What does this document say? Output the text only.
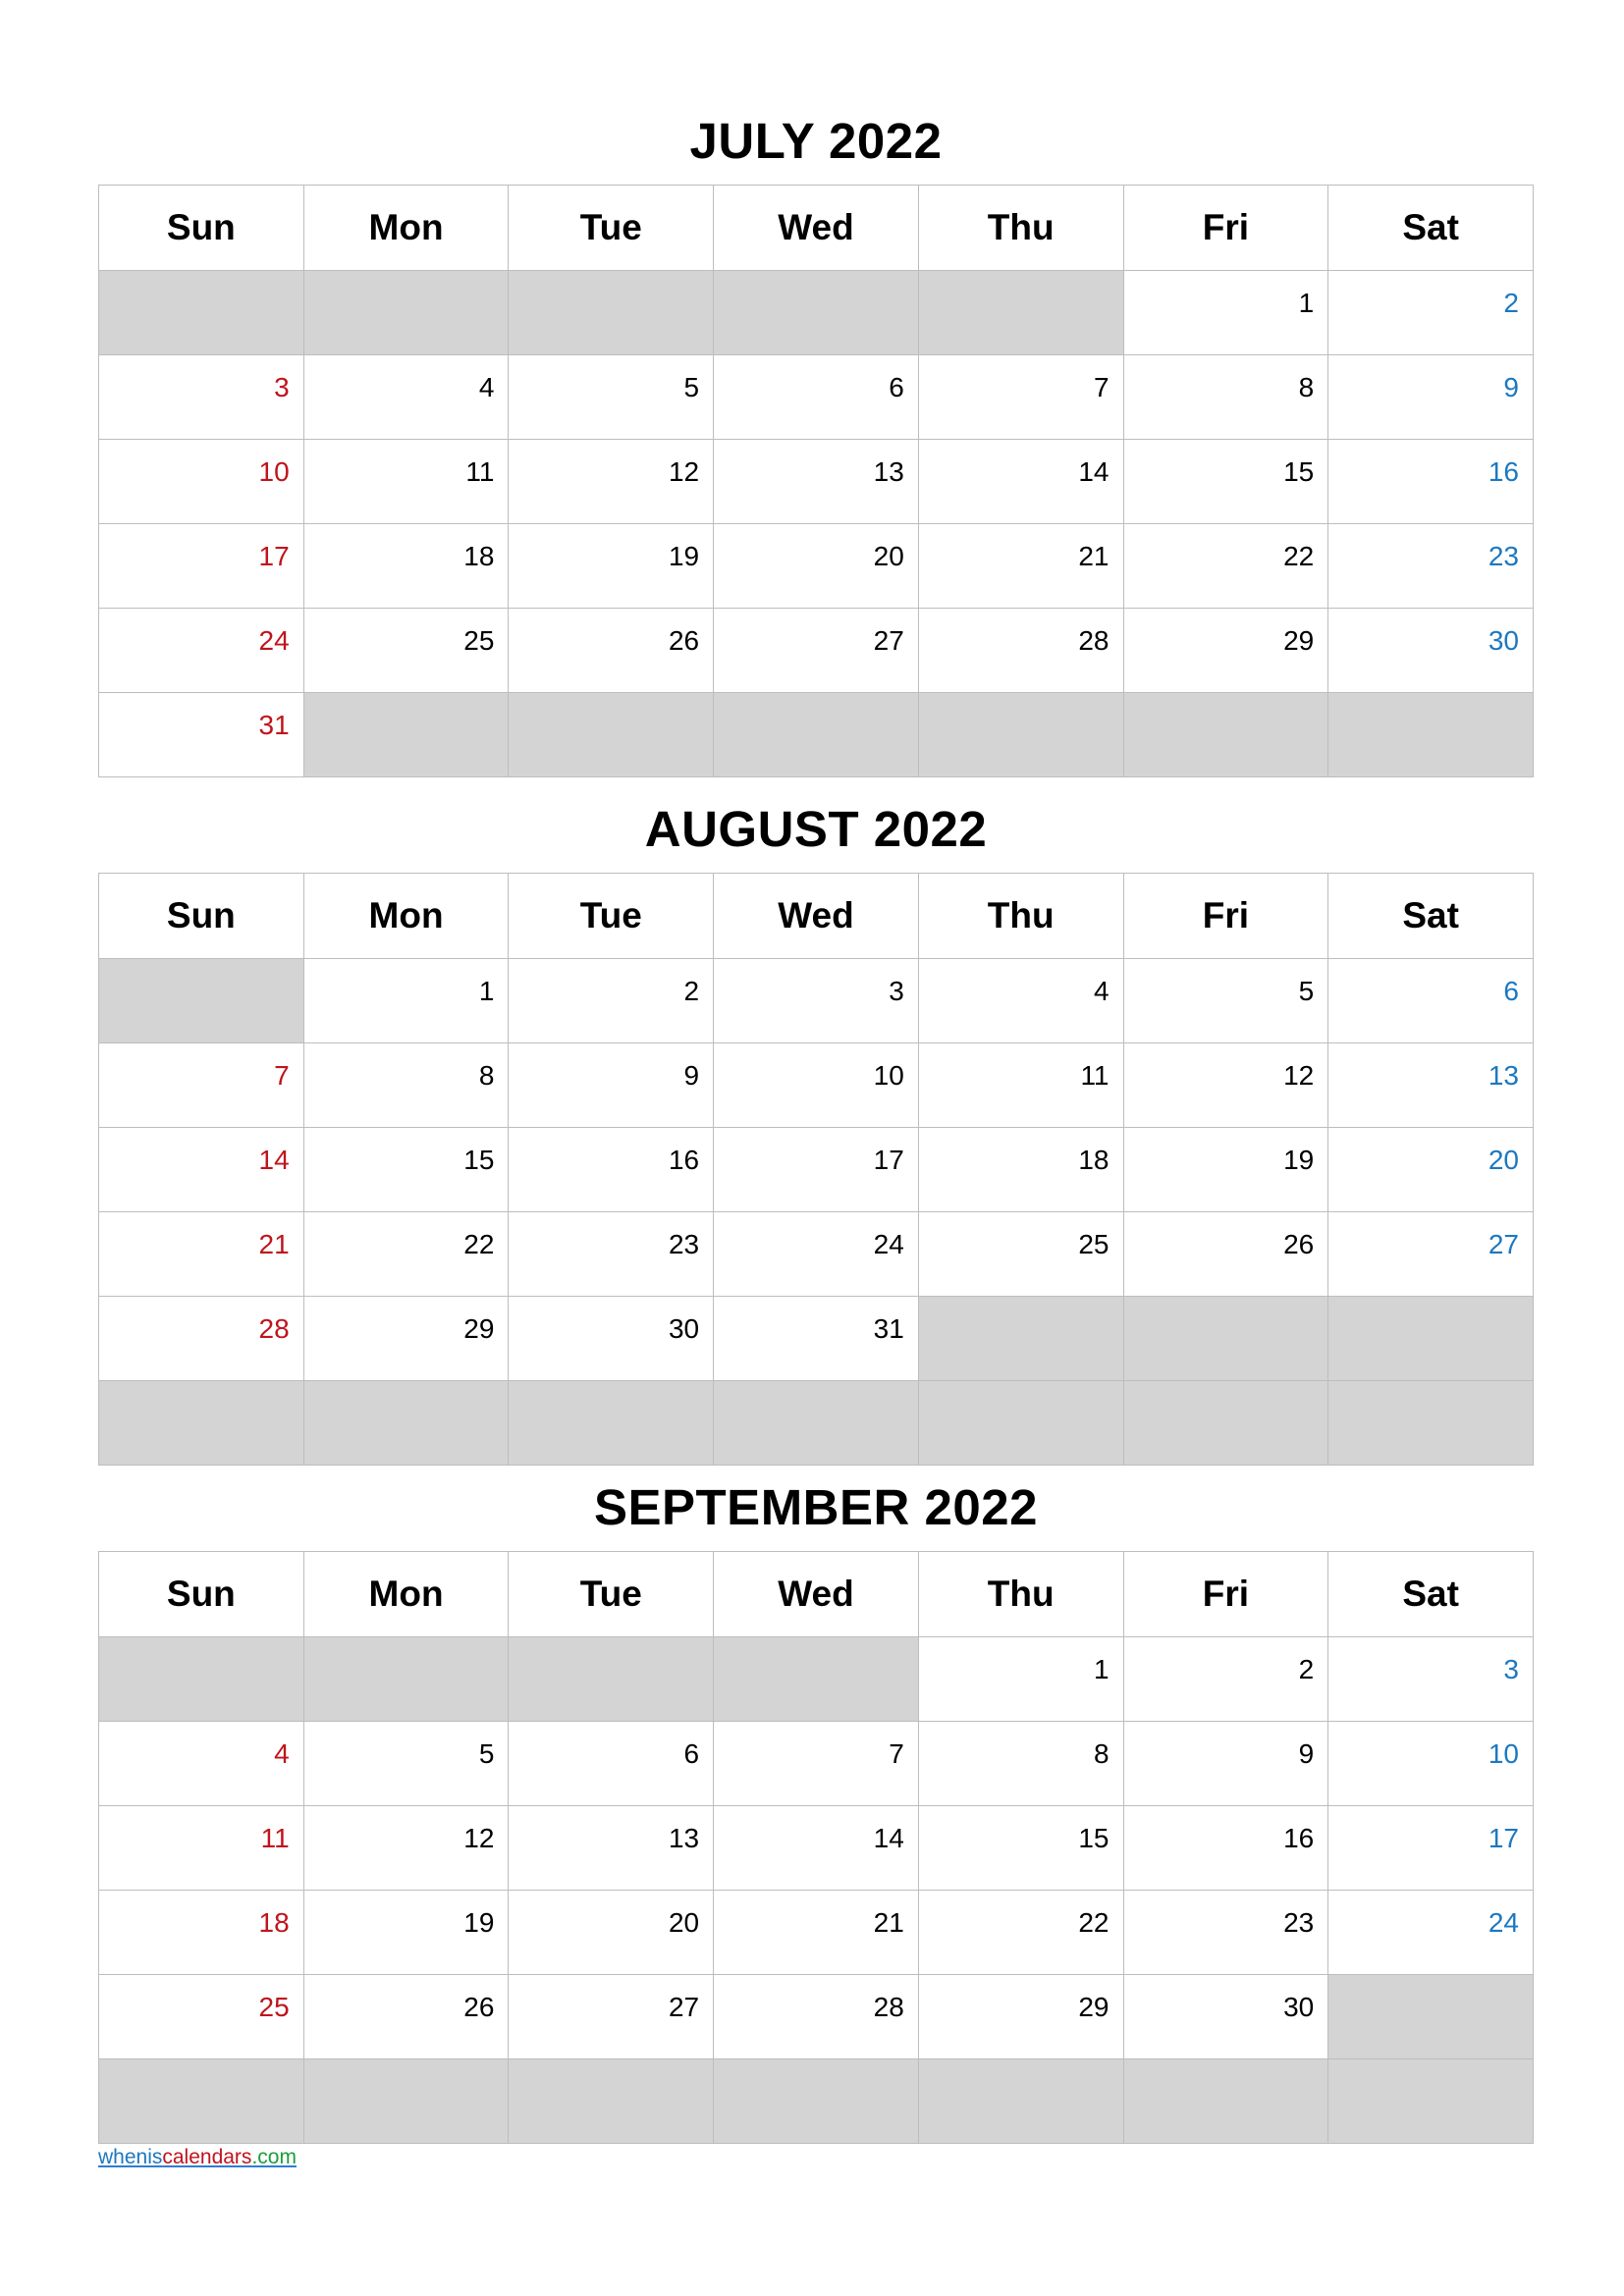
JULY 2022
Sun	Mon	Tue	Wed	Thu	Fri	Sat
					1	2
3	4	5	6	7	8	9
10	11	12	13	14	15	16
17	18	19	20	21	22	23
24	25	26	27	28	29	30
31						
AUGUST 2022
Sun	Mon	Tue	Wed	Thu	Fri	Sat
	1	2	3	4	5	6
7	8	9	10	11	12	13
14	15	16	17	18	19	20
21	22	23	24	25	26	27
28	29	30	31			

SEPTEMBER 2022
Sun	Mon	Tue	Wed	Thu	Fri	Sat
				1	2	3
4	5	6	7	8	9	10
11	12	13	14	15	16	17
18	19	20	21	22	23	24
25	26	27	28	29	30	

wheniscalendars.com
